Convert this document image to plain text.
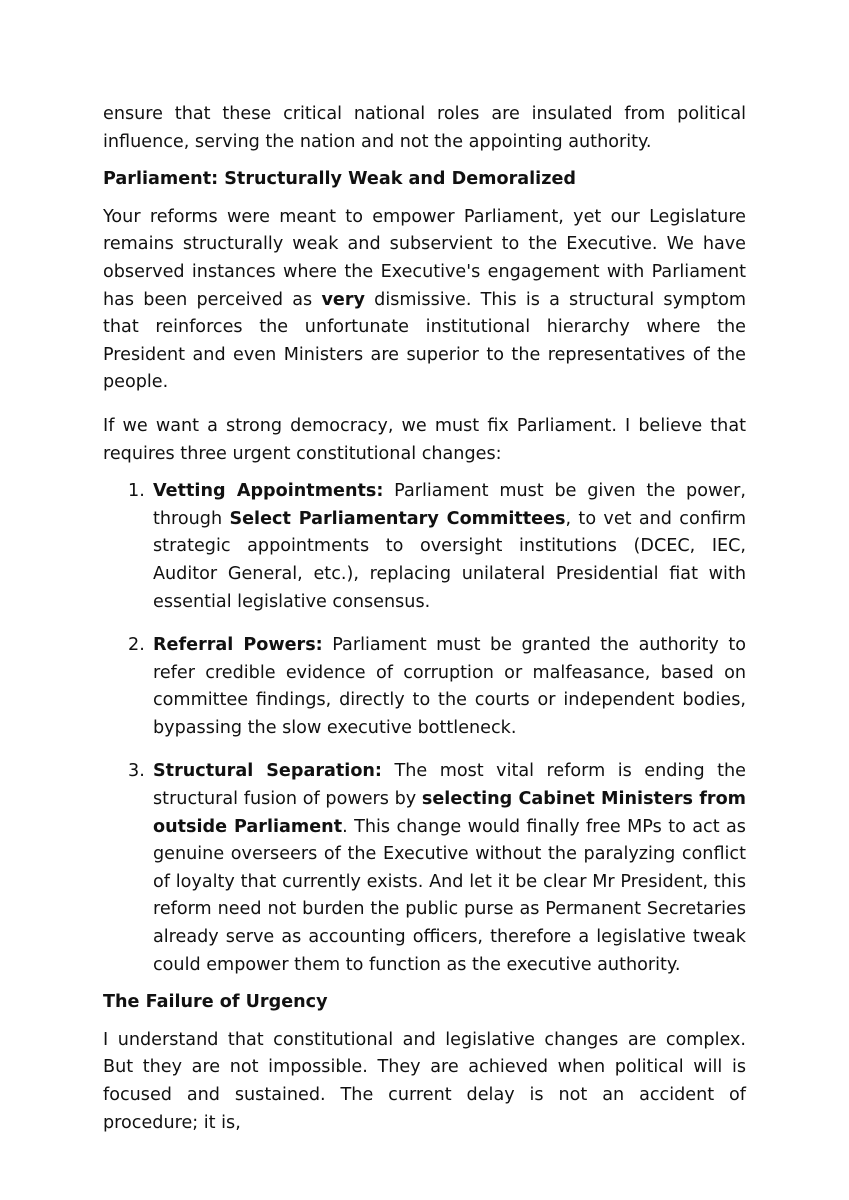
ensure that these critical national roles are insulated from political influence, serving the nation and not the appointing authority.

Parliament: Structurally Weak and Demoralized

Your reforms were meant to empower Parliament, yet our Legislature remains structurally weak and subservient to the Executive. We have observed instances where the Executive's engagement with Parliament has been perceived as very dismissive. This is a structural symptom that reinforces the unfortunate institutional hierarchy where the President and even Ministers are superior to the representatives of the people.

If we want a strong democracy, we must fix Parliament. I believe that requires three urgent constitutional changes:

1. Vetting Appointments: Parliament must be given the power, through Select Parliamentary Committees, to vet and confirm strategic appointments to oversight institutions (DCEC, IEC, Auditor General, etc.), replacing unilateral Presidential fiat with essential legislative consensus.
2. Referral Powers: Parliament must be granted the authority to refer credible evidence of corruption or malfeasance, based on committee findings, directly to the courts or independent bodies, bypassing the slow executive bottleneck.
3. Structural Separation: The most vital reform is ending the structural fusion of powers by selecting Cabinet Ministers from outside Parliament. This change would finally free MPs to act as genuine overseers of the Executive without the paralyzing conflict of loyalty that currently exists. And let it be clear Mr President, this reform need not burden the public purse as Permanent Secretaries already serve as accounting officers, therefore a legislative tweak could empower them to function as the executive authority.
The Failure of Urgency

I understand that constitutional and legislative changes are complex. But they are not impossible. They are achieved when political will is focused and sustained. The current delay is not an accident of procedure; it is,
